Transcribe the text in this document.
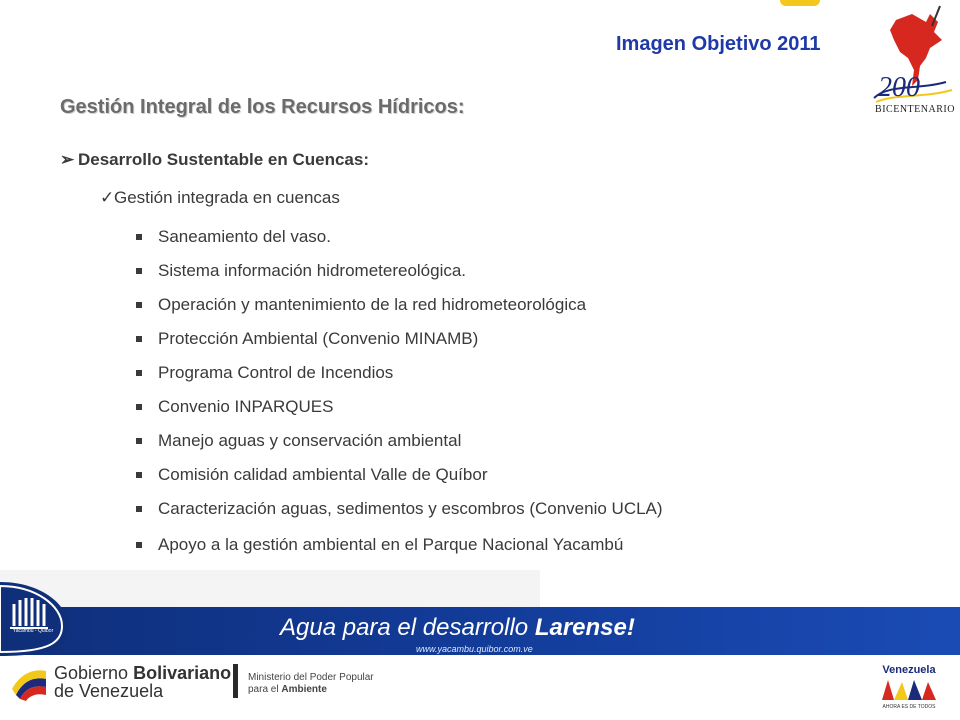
Imagen Objetivo 2011
200
BICENTENARIO
Gestión Integral de los Recursos Hídricos:
➢ Desarrollo Sustentable en Cuencas:
✓Gestión integrada en cuencas
Saneamiento del vaso.
Sistema información hidrometereológica.
Operación y mantenimiento de la red hidrometeorológica
Protección Ambiental (Convenio MINAMB)
Programa Control de Incendios
Convenio INPARQUES
Manejo aguas y conservación ambiental
Comisión calidad ambiental Valle de Quíbor
Caracterización aguas, sedimentos y escombros (Convenio UCLA)
Apoyo a la gestión ambiental en el Parque Nacional Yacambú
Yacambú - Quíbor	Agua para el desarrollo Larense!
www.yacambu.quibor.com.ve
Gobierno Bolivariano
de Venezuela
Ministerio del Poder Popular
para el Ambiente
Venezuela
AHORA ES DE TODOS
